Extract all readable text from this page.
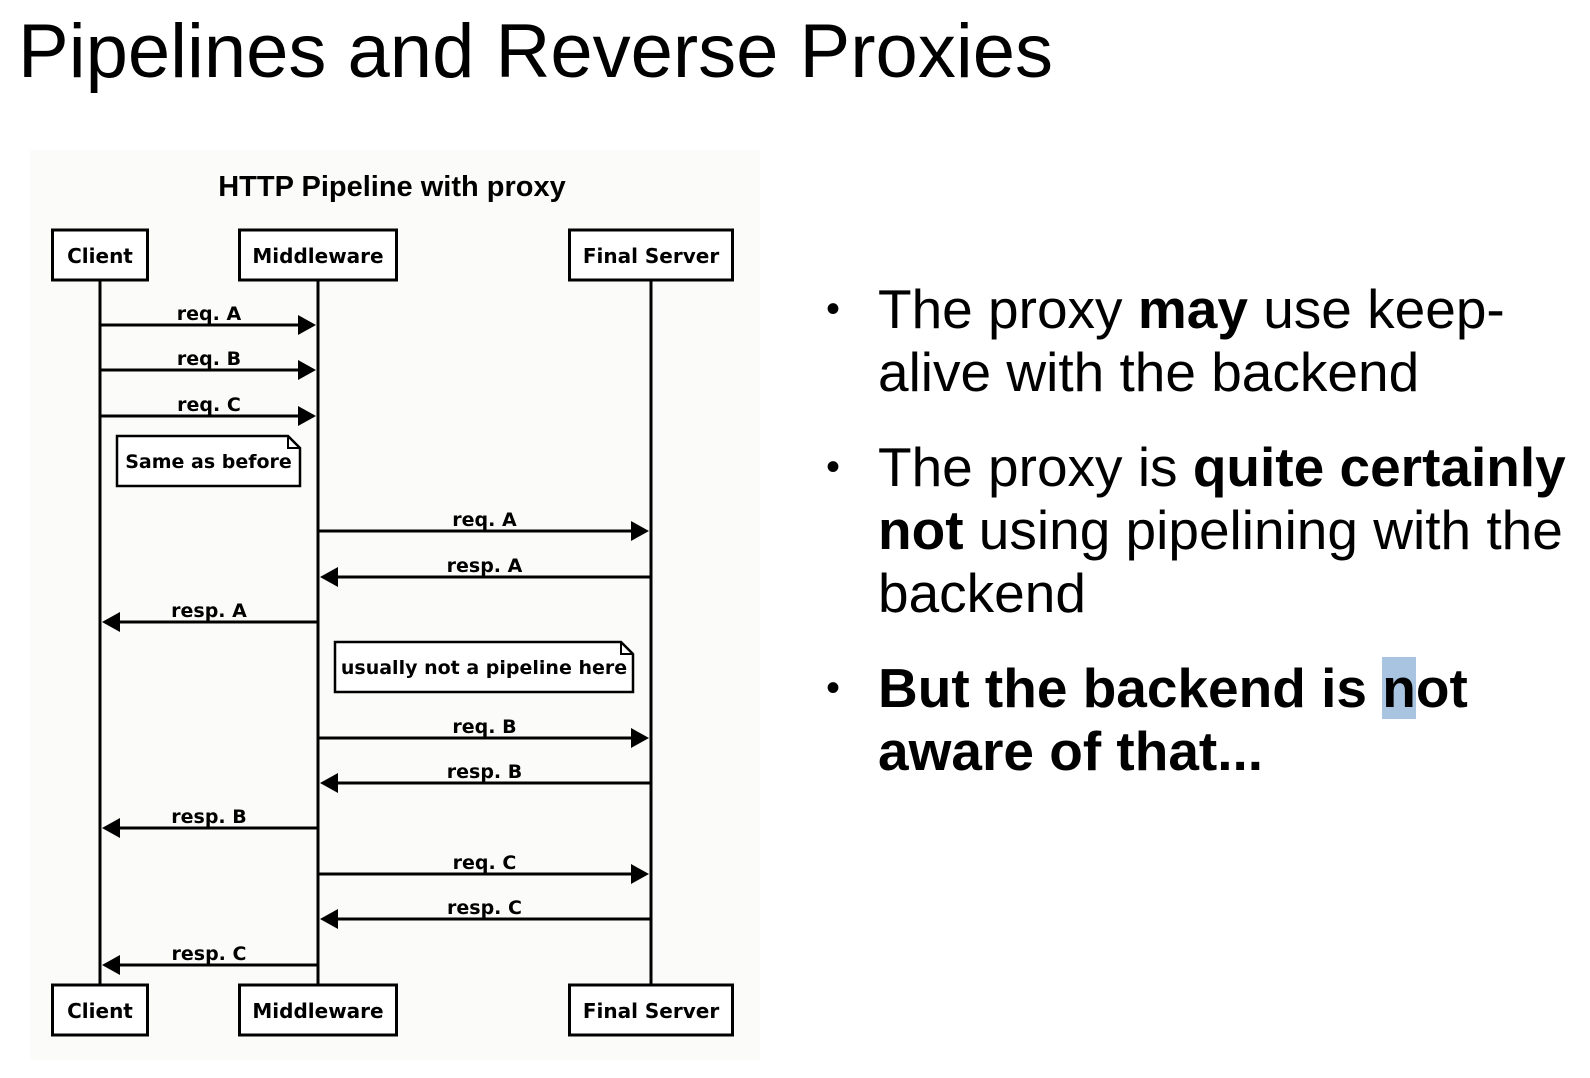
Pipelines and Reverse Proxies
HTTP Pipeline with proxy
Client	Middleware	Final Server
Client	Middleware	Final Server
req. A
req. B
req. C
Same as before
req. A
resp. A
resp. A
usually not a pipeline here
req. B
resp. B
resp. B
req. C
resp. C
resp. C
• The proxy may use keep-alive with the backend
• The proxy is quite certainly not using pipelining with the backend
• But the backend is not aware of that...
